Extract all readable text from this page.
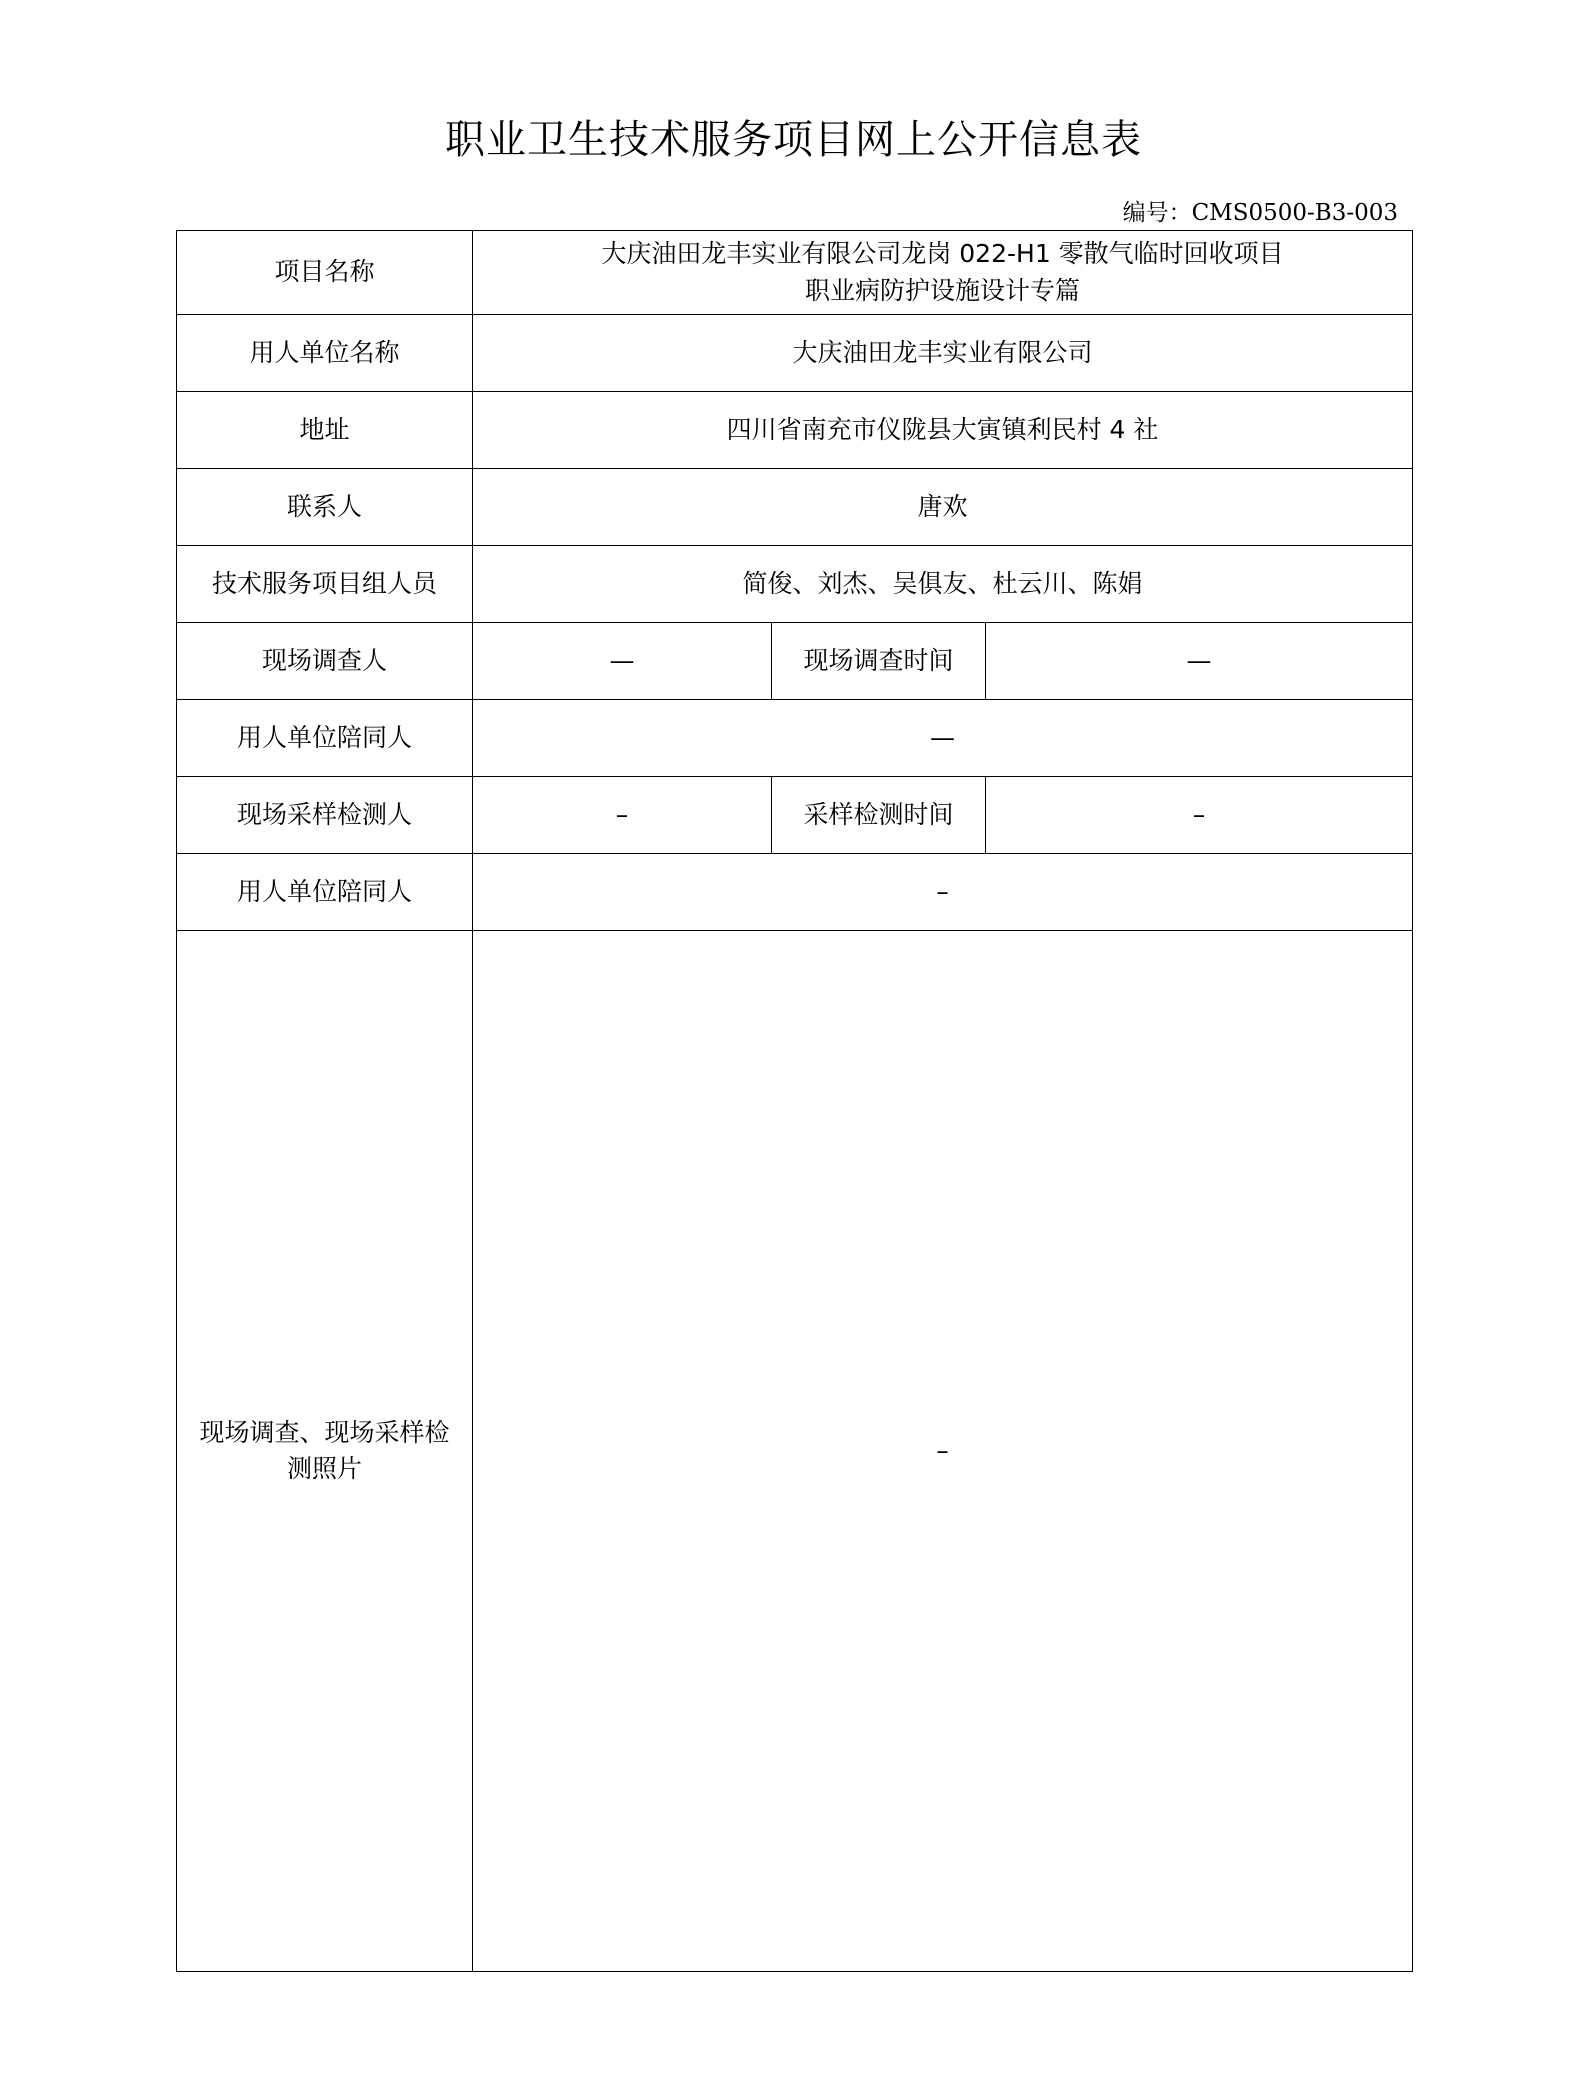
职业卫生技术服务项目网上公开信息表
编号：CMS0500-B3-003
项目名称	大庆油田龙丰实业有限公司龙岗 022-H1 零散气临时回收项目
职业病防护设施设计专篇		

用人单位名称	大庆油田龙丰实业有限公司		
地址	四川省南充市仪陇县大寅镇利民村 4 社		
联系人	唐欢		
技术服务项目组人员	简俊、刘杰、吴俱友、杜云川、陈娟		
现场调查人	—	现场调查时间	—
用人单位陪同人	—		
现场采样检测人	–	采样检测时间	–
用人单位陪同人	–		

现场调查、现场采样检
测照片	–		
